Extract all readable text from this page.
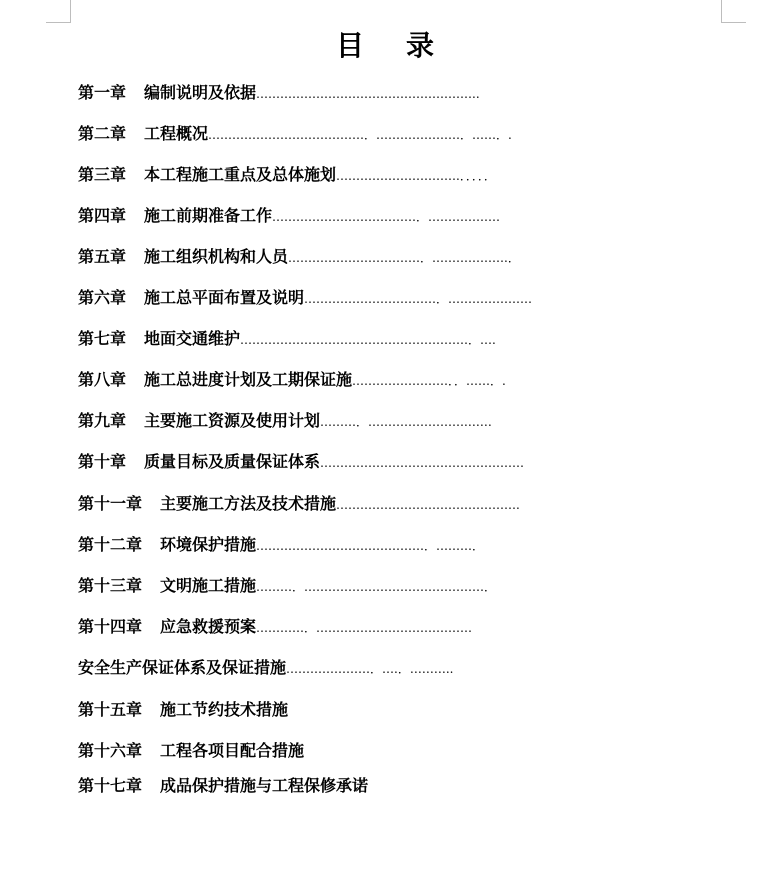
目录
第一章 编制说明及依据………………………………………………..
第二章 工程概况…………………………………．…………………．……．.
第三章 本工程施工重点及总体施划………………………….．．．．．
第四章 施工前期准备工作………………………………．………………
第五章 施工组织机构和人员……………………………．……………….．
第六章 施工总平面布置及说明……………………………．…………………
第七章 地面交通维护…………………………………………………．….
第八章 施工总进度计划及工期保证施……………………．．……．.
第九章 主要施工资源及使用计划………．…………………….……
第十章 质量目标及质量保证体系……………………………………………
第十一章 主要施工方法及技术措施……………………………………….
第十二章 环境保护措施……………………………………．………．
第十三章 文明施工措施………．………………………………………．
第十四章 应急救援预案…………．…………………………………
安全生产保证体系及保证措施…………………．….．………..
第十五章 施工节约技术措施
第十六章 工程各项目配合措施
第十七章 成品保护措施与工程保修承诺
